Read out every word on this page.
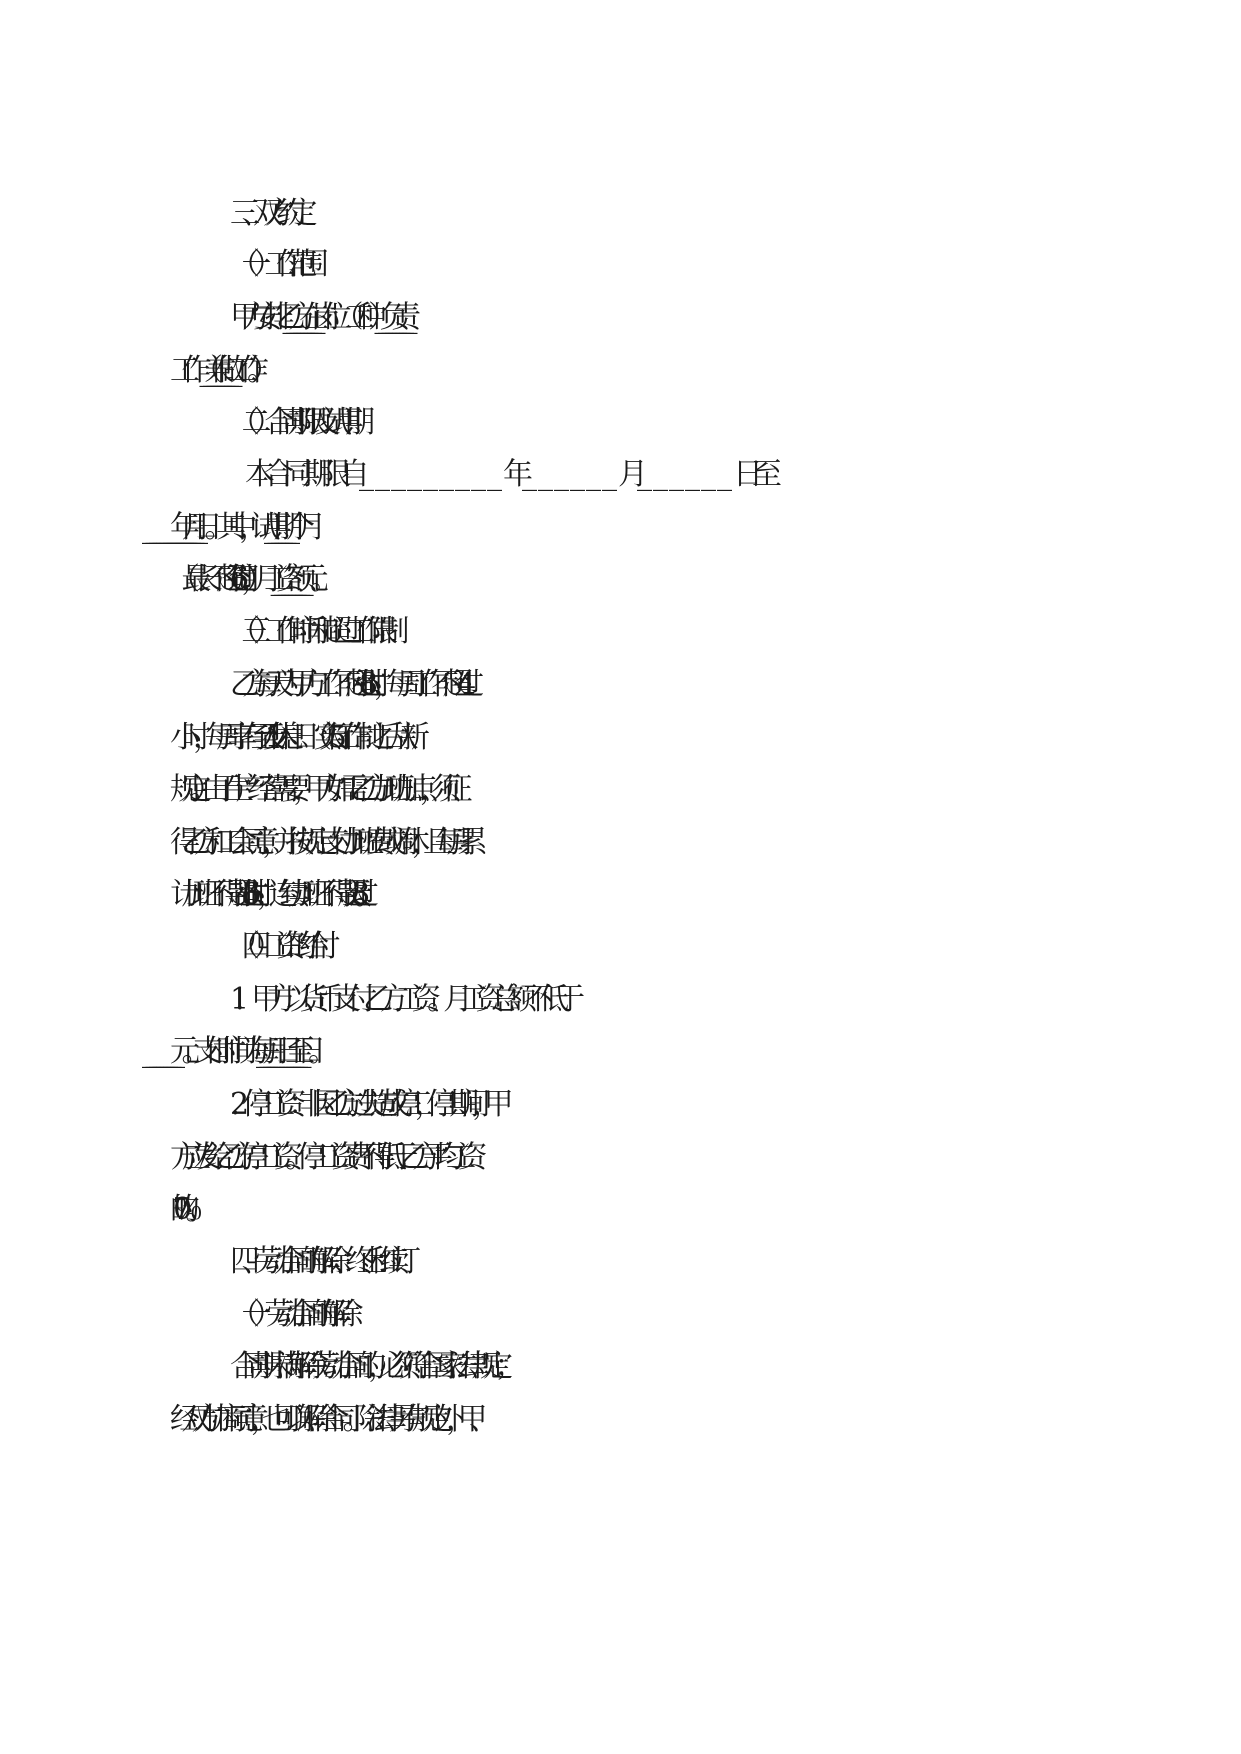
三、双方约定

（一）工作范围

甲方安排乙方在岗位（工种）负责

工作（兼做工作）。

（二）合同期限及试用期

本合同期限自_________年______月______日至

年月日。其中，试用期个月

（最长不超过 6 个月），月工资额元。

（三）工作时间和超过工作限制

乙方每天为甲方工作不超过 8 小时，每周工作不超过 44

小时，每周享有至少 1 天休息日（实行 5 天工作制之后从新

规定）。由于生产经营需要，甲方如需乙方加班加点，须征

得乙方和工会同意，并按规定支付加班费或调休，且每月累

计加班不得超过 36 小时，连续加班不得超过 3 天。

（四）工资的给付

1．甲方以货币支付乙方工资。月工资总额不低于

元。支付时间为每月日至日。

2．停工工资：非因乙方过失造成停工，停工期间，甲

方应发给乙方停工工资。停工工资费不得低于乙方平均工资

的 70％。

四、劳动合同的解除、终止和续订

（一）劳动合同的解除

合同期未满解除劳动合同的，必须符合国家法律规定；

经双方协商同意，也可以解除合同。除法律另有规定外，甲、
